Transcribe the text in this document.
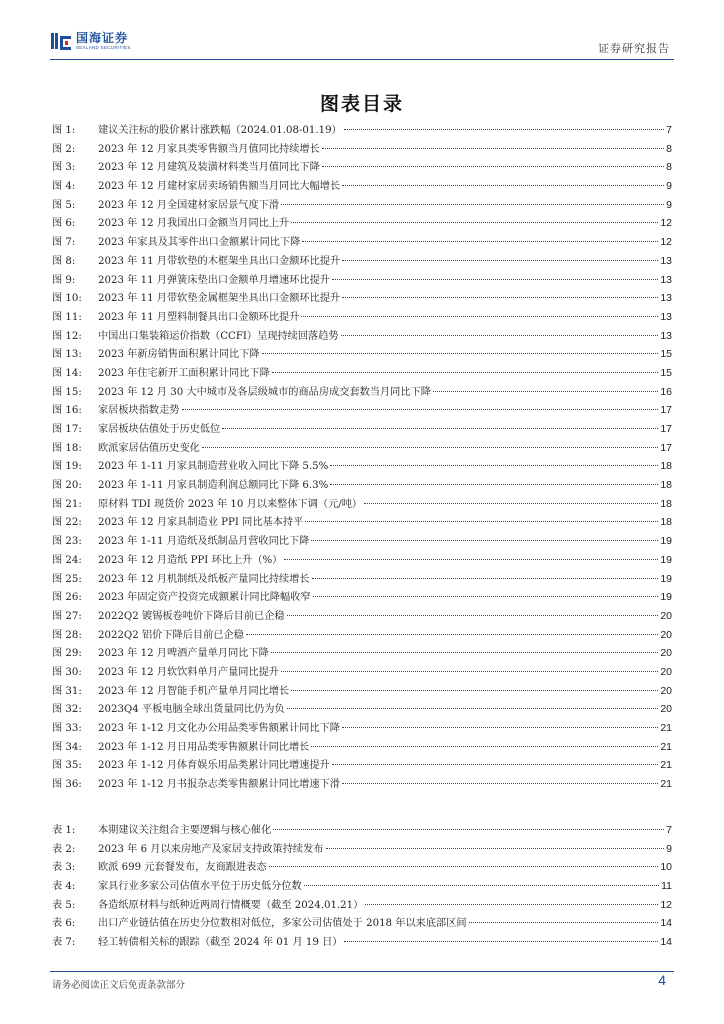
国海证券
SEALAND SECURITIES	证券研究报告
图表目录
图 1:	建议关注标的股价累计涨跌幅（2024.01.08-01.19）	7
图 2:	2023 年 12 月家具类零售额当月值同比持续增长	8
图 3:	2023 年 12 月建筑及装潢材料类当月值同比下降	8
图 4:	2023 年 12 月建材家居卖场销售额当月同比大幅增长	9
图 5:	2023 年 12 月全国建材家居景气度下滑	9
图 6:	2023 年 12 月我国出口金额当月同比上升	12
图 7:	2023 年家具及其零件出口金额累计同比下降	12
图 8:	2023 年 11 月带软垫的木框架坐具出口金额环比提升	13
图 9:	2023 年 11 月弹簧床垫出口金额单月增速环比提升	13
图 10:	2023 年 11 月带软垫金属框架坐具出口金额环比提升	13
图 11:	2023 年 11 月塑料制餐具出口金额环比提升	13
图 12:	中国出口集装箱运价指数（CCFI）呈现持续回落趋势	13
图 13:	2023 年新房销售面积累计同比下降	15
图 14:	2023 年住宅新开工面积累计同比下降	15
图 15:	2023 年 12 月 30 大中城市及各层级城市的商品房成交套数当月同比下降	16
图 16:	家居板块指数走势	17
图 17:	家居板块估值处于历史低位	17
图 18:	欧派家居估值历史变化	17
图 19:	2023 年 1-11 月家具制造营业收入同比下降 5.5%	18
图 20:	2023 年 1-11 月家具制造利润总额同比下降 6.3%	18
图 21:	原材料 TDI 现货价 2023 年 10 月以来整体下调（元/吨）	18
图 22:	2023 年 12 月家具制造业 PPI 同比基本持平	18
图 23:	2023 年 1-11 月造纸及纸制品月营收同比下降	19
图 24:	2023 年 12 月造纸 PPI 环比上升（%）	19
图 25:	2023 年 12 月机制纸及纸板产量同比持续增长	19
图 26:	2023 年固定资产投资完成额累计同比降幅收窄	19
图 27:	2022Q2 镀锡板卷吨价下降后目前已企稳	20
图 28:	2022Q2 铝价下降后目前已企稳	20
图 29:	2023 年 12 月啤酒产量单月同比下降	20
图 30:	2023 年 12 月软饮料单月产量同比提升	20
图 31:	2023 年 12 月智能手机产量单月同比增长	20
图 32:	2023Q4 平板电脑全球出货量同比仍为负	20
图 33:	2023 年 1-12 月文化办公用品类零售额累计同比下降	21
图 34:	2023 年 1-12 月日用品类零售额累计同比增长	21
图 35:	2023 年 1-12 月体育娱乐用品类累计同比增速提升	21
图 36:	2023 年 1-12 月书报杂志类零售额累计同比增速下滑	21
表 1:	本期建议关注组合主要逻辑与核心催化	7
表 2:	2023 年 6 月以来房地产及家居支持政策持续发布	9
表 3:	欧派 699 元套餐发布，友商跟进表态	10
表 4:	家具行业多家公司估值水平位于历史低分位数	11
表 5:	各造纸原材料与纸种近两周行情概要（截至 2024.01.21）	12
表 6:	出口产业链估值在历史分位数相对低位，多家公司估值处于 2018 年以来底部区间	14
表 7:	轻工转债相关标的跟踪（截至 2024 年 01 月 19 日）	14
请务必阅读正文后免责条款部分	4
